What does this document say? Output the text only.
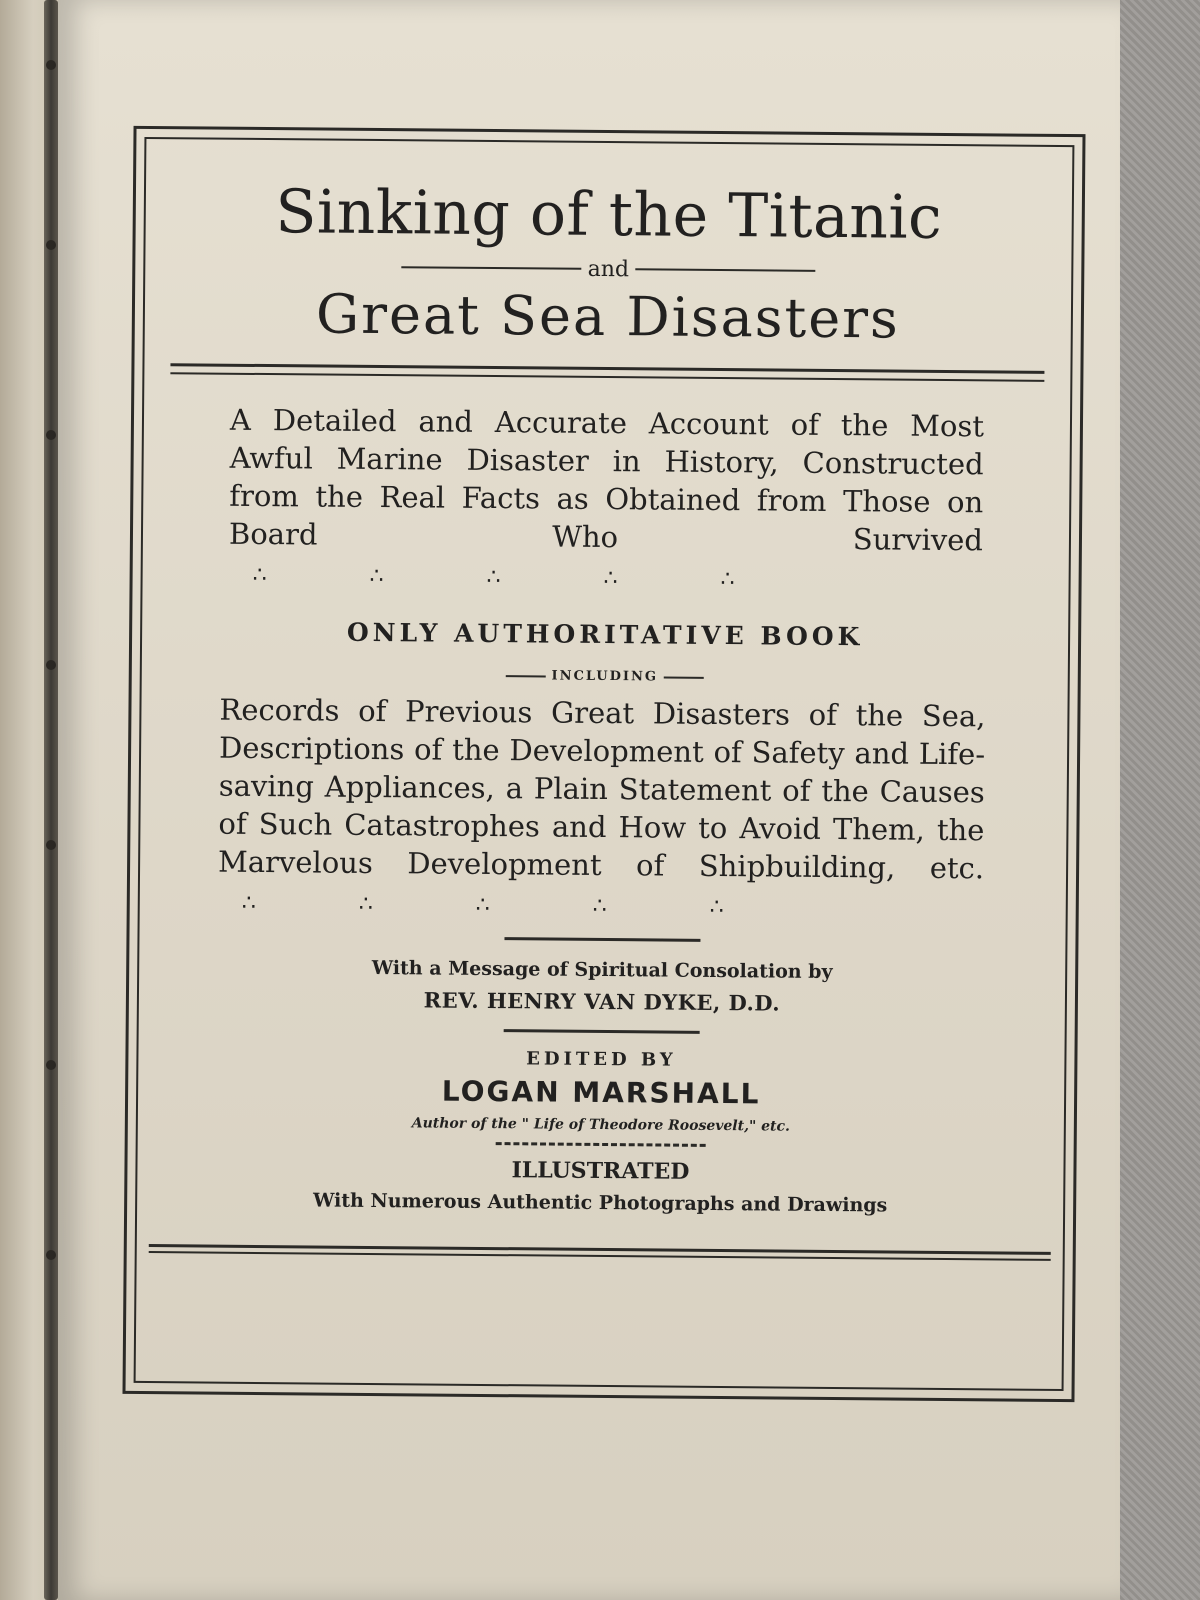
Sinking of the Titanic
and
Great Sea Disasters
A Detailed and Accurate Account of the Most Awful Marine Disaster in History, Constructed from the Real Facts as Obtained from Those on Board Who Survived ∴ ∴ ∴ ∴ ∴
ONLY AUTHORITATIVE BOOK
INCLUDING
Records of Previous Great Disasters of the Sea, Descriptions of the Development of Safety and Life-saving Appliances, a Plain Statement of the Causes of Such Catastrophes and How to Avoid Them, the Marvelous Development of Shipbuilding, etc. ∴ ∴ ∴ ∴ ∴
With a Message of Spiritual Consolation by
REV. HENRY VAN DYKE, D.D.
EDITED BY
LOGAN MARSHALL
Author of the " Life of Theodore Roosevelt," etc.
ILLUSTRATED
With Numerous Authentic Photographs and Drawings
